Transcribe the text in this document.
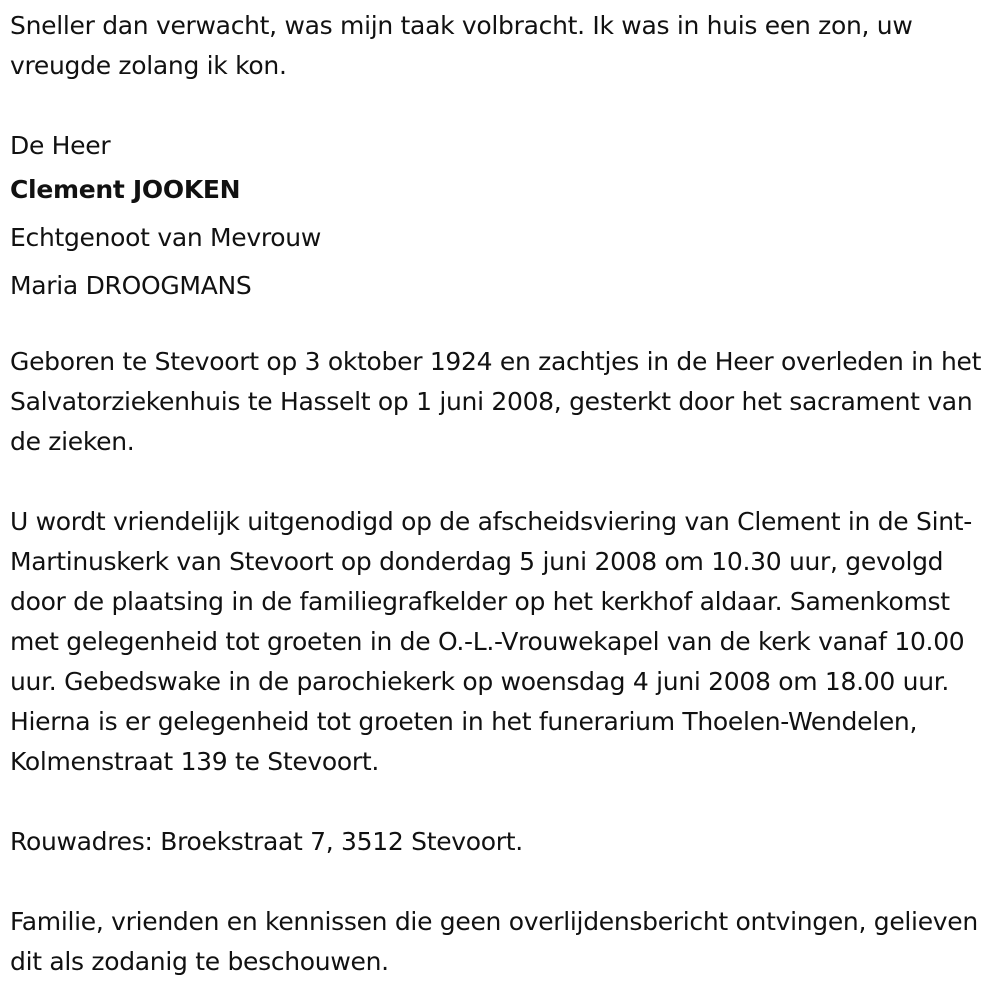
Sneller dan verwacht, was mijn taak volbracht. Ik was in huis een zon, uw vreugde zolang ik kon.

De Heer

Clement JOOKEN

Echtgenoot van Mevrouw

Maria DROOGMANS

Geboren te Stevoort op 3 oktober 1924 en zachtjes in de Heer overleden in het Salvatorziekenhuis te Hasselt op 1 juni 2008, gesterkt door het sacrament van de zieken.

U wordt vriendelijk uitgenodigd op de afscheidsviering van Clement in de Sint-Martinuskerk van Stevoort op donderdag 5 juni 2008 om 10.30 uur, gevolgd door de plaatsing in de familiegrafkelder op het kerkhof aldaar. Samenkomst met gelegenheid tot groeten in de O.-L.-Vrouwekapel van de kerk vanaf 10.00 uur. Gebedswake in de parochiekerk op woensdag 4 juni 2008 om 18.00 uur. Hierna is er gelegenheid tot groeten in het funerarium Thoelen-Wendelen, Kolmenstraat 139 te Stevoort.

Rouwadres: Broekstraat 7, 3512 Stevoort.

Familie, vrienden en kennissen die geen overlijdensbericht ontvingen, gelieven dit als zodanig te beschouwen.
